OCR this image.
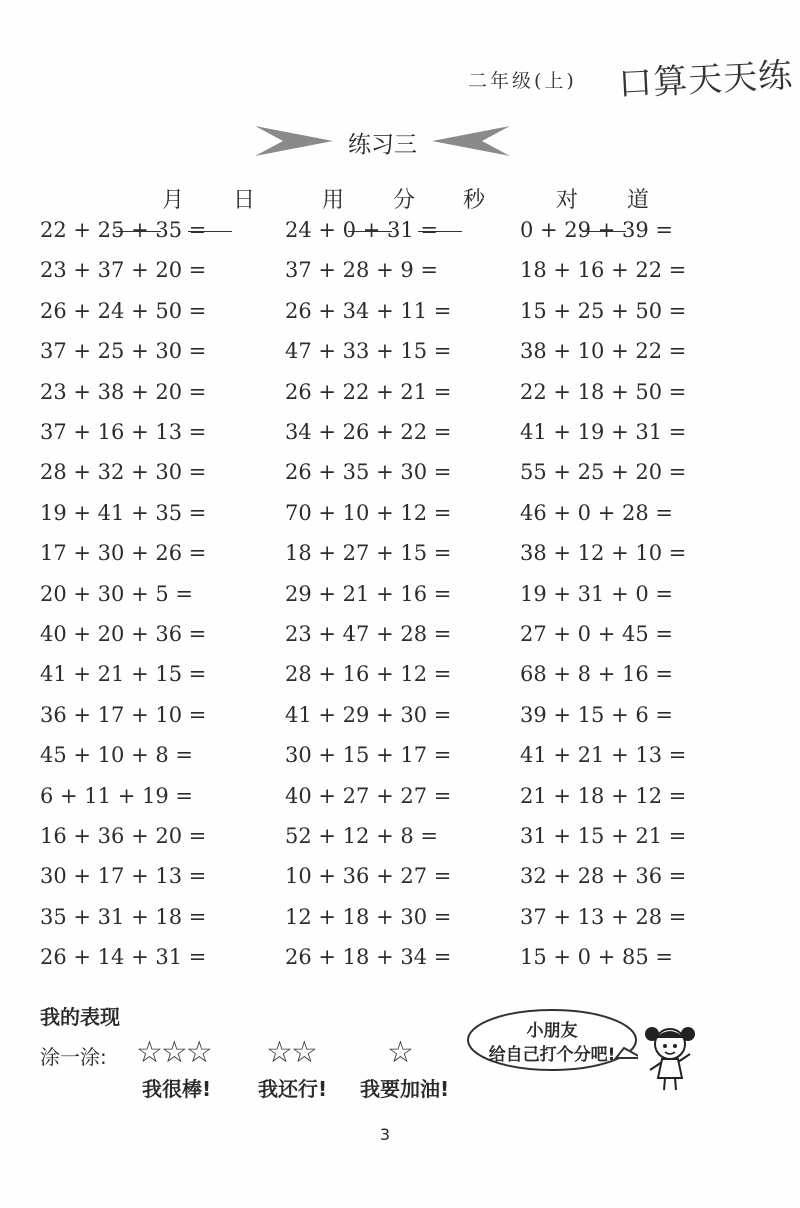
二年级(上) 口算天天练
练习三
月 日	用 分 秒	对 道
22 + 25 + 35 =
23 + 37 + 20 =
26 + 24 + 50 =
37 + 25 + 30 =
23 + 38 + 20 =
37 + 16 + 13 =
28 + 32 + 30 =
19 + 41 + 35 =
17 + 30 + 26 =
20 + 30 + 5 =
40 + 20 + 36 =
41 + 21 + 15 =
36 + 17 + 10 =
45 + 10 + 8 =
6 + 11 + 19 =
16 + 36 + 20 =
30 + 17 + 13 =
35 + 31 + 18 =
26 + 14 + 31 =
24 + 0 + 31 =
37 + 28 + 9 =
26 + 34 + 11 =
47 + 33 + 15 =
26 + 22 + 21 =
34 + 26 + 22 =
26 + 35 + 30 =
70 + 10 + 12 =
18 + 27 + 15 =
29 + 21 + 16 =
23 + 47 + 28 =
28 + 16 + 12 =
41 + 29 + 30 =
30 + 15 + 17 =
40 + 27 + 27 =
52 + 12 + 8 =
10 + 36 + 27 =
12 + 18 + 30 =
26 + 18 + 34 =
0 + 29 + 39 =
18 + 16 + 22 =
15 + 25 + 50 =
38 + 10 + 22 =
22 + 18 + 50 =
41 + 19 + 31 =
55 + 25 + 20 =
46 + 0 + 28 =
38 + 12 + 10 =
19 + 31 + 0 =
27 + 0 + 45 =
68 + 8 + 16 =
39 + 15 + 6 =
41 + 21 + 13 =
21 + 18 + 12 =
31 + 15 + 21 =
32 + 28 + 36 =
37 + 13 + 28 =
15 + 0 + 85 =
我的表现
涂一涂: ☆☆☆ ☆☆ ☆
我很棒! 我还行! 我要加油!
小朋友
给自己打个分吧!
3
